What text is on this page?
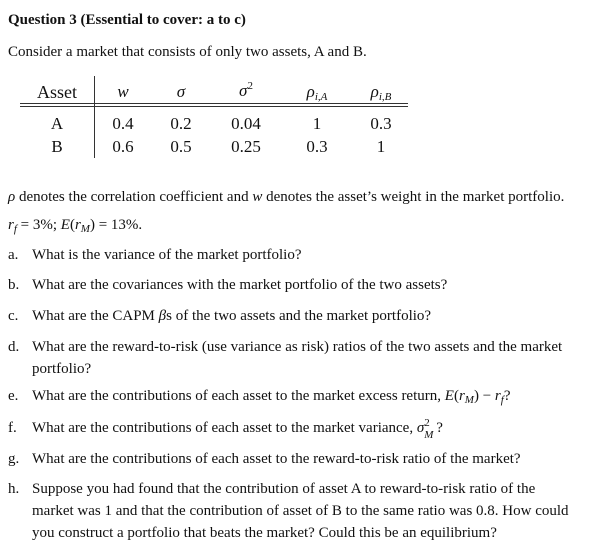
Question 3 (Essential to cover: a to c)
Consider a market that consists of only two assets, A and B.
Asset	w	σ	$\sigma^2$	$\rho_{i,A}$	$\rho_{i,B}$
A	0.4	0.2	0.04	1	0.3
B	0.6	0.5	0.25	0.3	1
ρ denotes the correlation coefficient and w denotes the asset’s weight in the market portfolio.
$r_f = 3\%$; $E(r_M) = 13\%$.
a. What is the variance of the market portfolio?
b. What are the covariances with the market portfolio of the two assets?
c. What are the CAPM βs of the two assets and the market portfolio?
d. What are the reward-to-risk (use variance as risk) ratios of the two assets and the market portfolio?
e. What are the contributions of each asset to the market excess return, $E(r_M) - r_f$?
f.	What are the contributions of each asset to the market variance, σ 2
M ?
g. What are the contributions of each asset to the reward-to-risk ratio of the market?
h. Suppose you had found that the contribution of asset A to reward-to-risk ratio of the market was 1 and that the contribution of asset of B to the same ratio was 0.8. How could you construct a portfolio that beats the market? Could this be an equilibrium?
